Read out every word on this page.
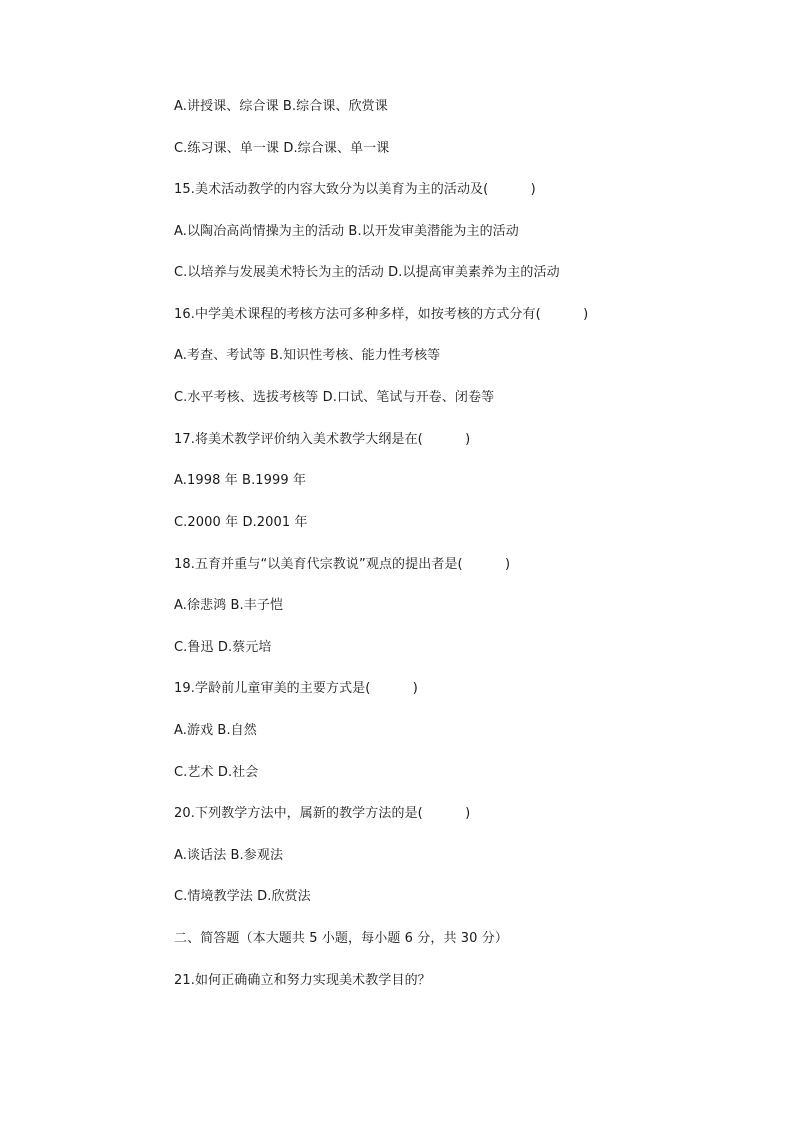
A.讲授课、综合课 B.综合课、欣赏课
C.练习课、单一课 D.综合课、单一课
15.美术活动教学的内容大致分为以美育为主的活动及(          )
A.以陶冶高尚情操为主的活动 B.以开发审美潜能为主的活动
C.以培养与发展美术特长为主的活动 D.以提高审美素养为主的活动
16.中学美术课程的考核方法可多种多样，如按考核的方式分有(          )
A.考查、考试等 B.知识性考核、能力性考核等
C.水平考核、选拔考核等 D.口试、笔试与开卷、闭卷等
17.将美术教学评价纳入美术教学大纲是在(          )
A.1998 年 B.1999 年
C.2000 年 D.2001 年
18.五育并重与“以美育代宗教说”观点的提出者是(          )
A.徐悲鸿 B.丰子恺
C.鲁迅 D.蔡元培
19.学龄前儿童审美的主要方式是(          )
A.游戏 B.自然
C.艺术 D.社会
20.下列教学方法中，属新的教学方法的是(          )
A.谈话法 B.参观法
C.情境教学法 D.欣赏法
二、简答题（本大题共 5 小题，每小题 6 分，共 30 分）
21.如何正确确立和努力实现美术教学目的？
